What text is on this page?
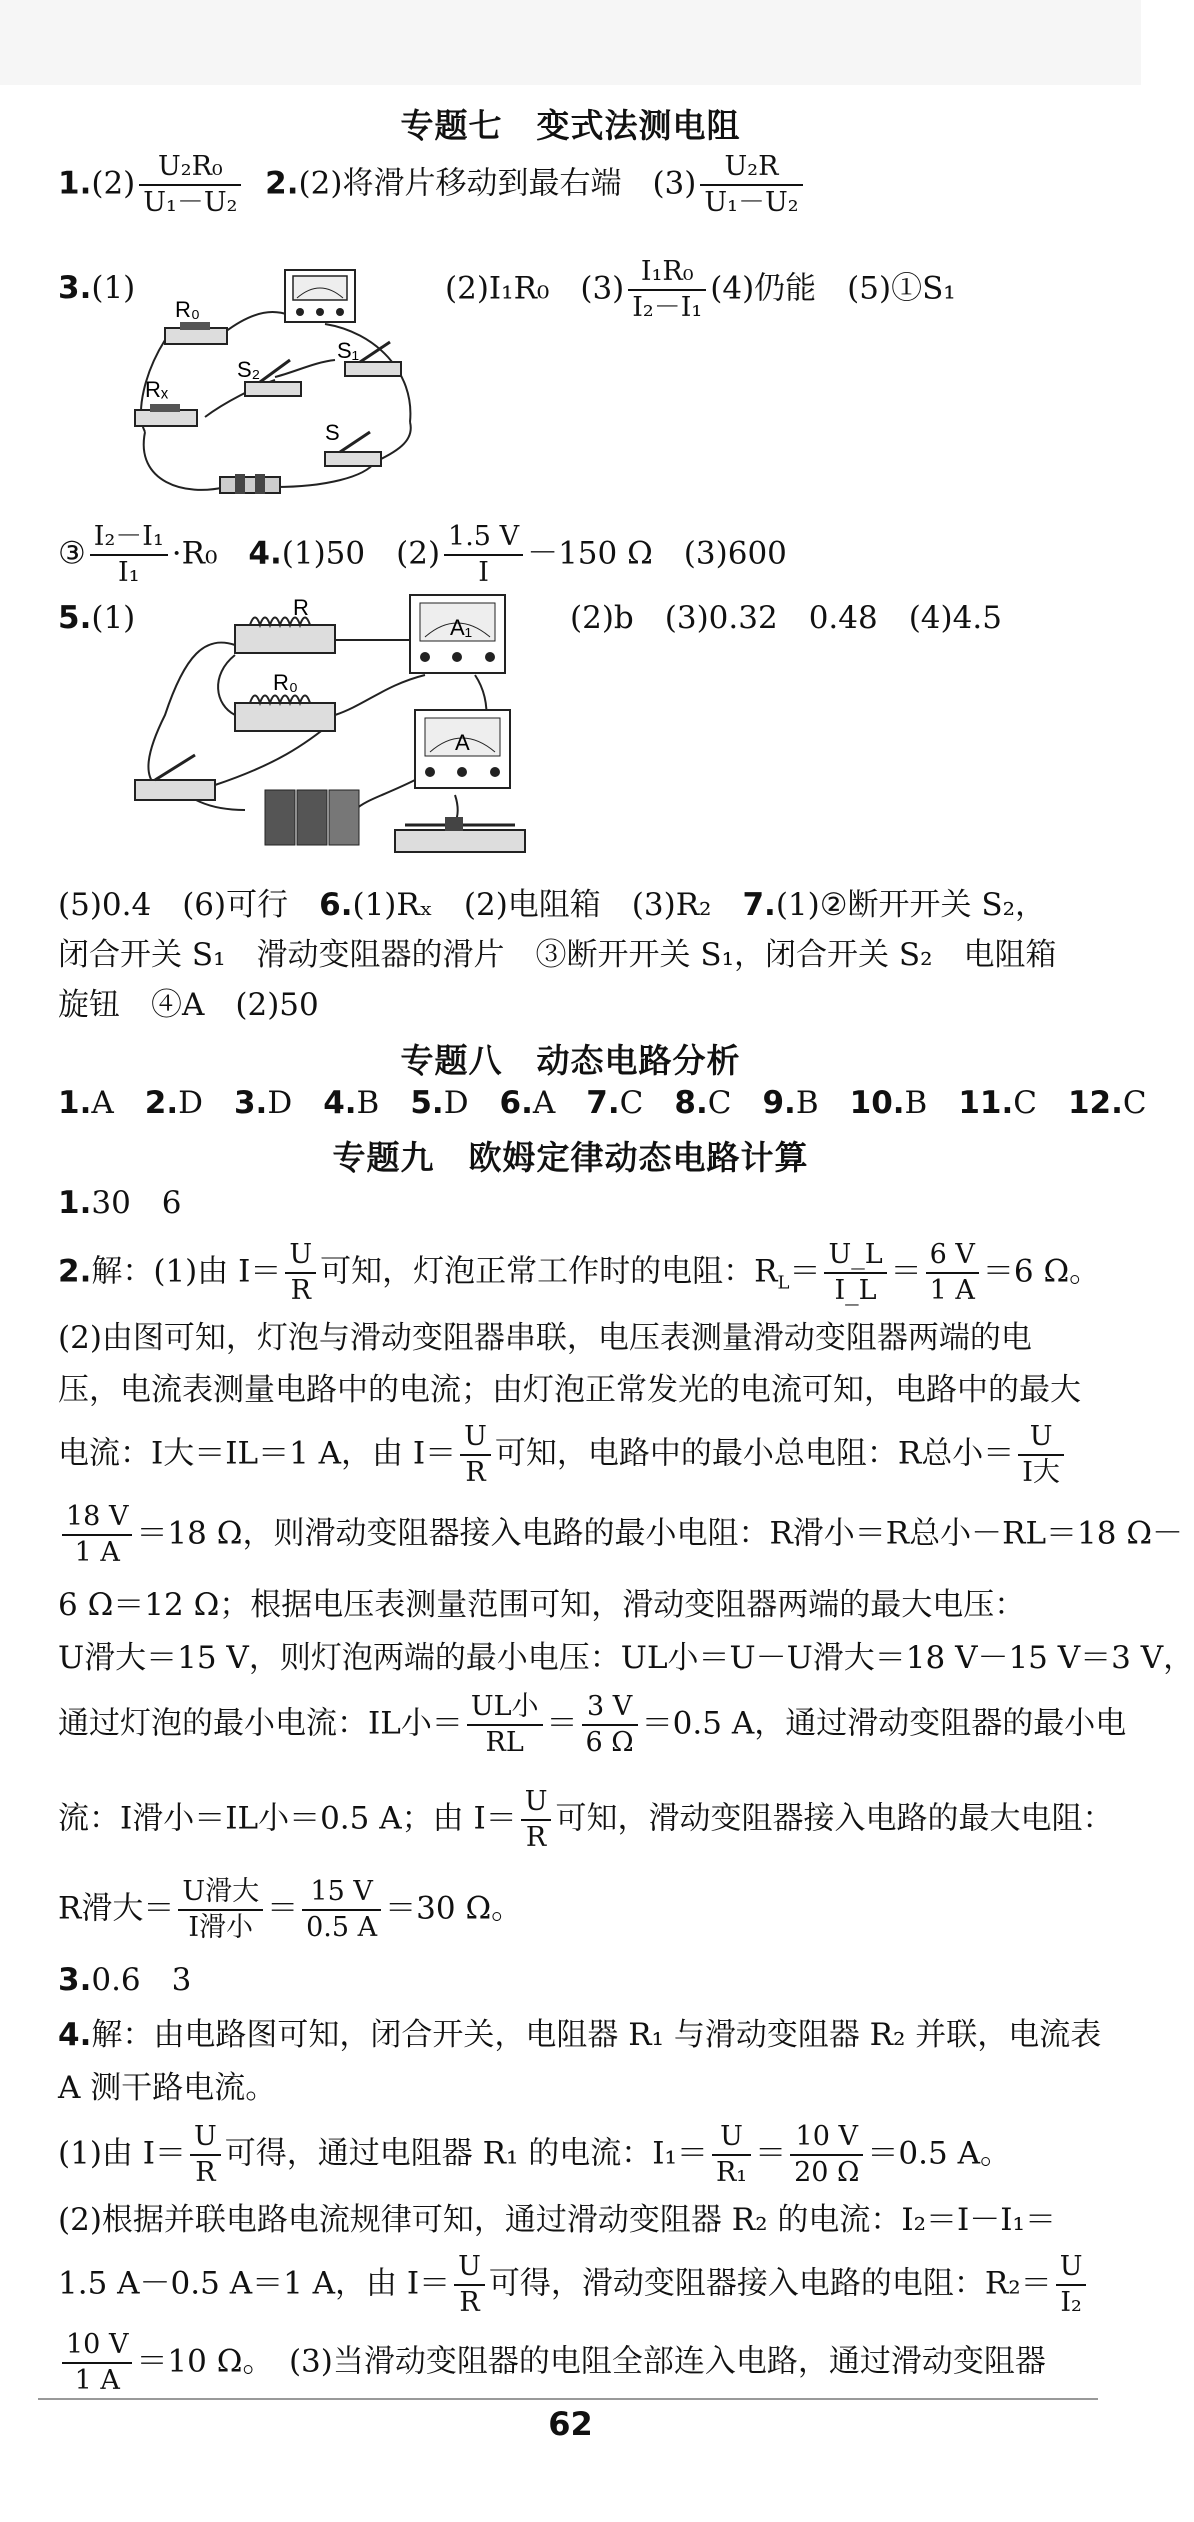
专题七　变式法测电阻
$1.(2) \frac{\text{U₂R₀}}{\text{U₁－U₂}} 2.(2)$将滑片移动到最右端　$(3) \frac{\text{U₂R}}{\text{U₁－U₂}}$
3.(1)	(2)I₁R₀　$(3) \frac{\text{I₁R₀}}{\text{I₂－I₁}} (4)$仍能　(5)①S₁
R₀
Rₓ
S₂
S₁
S
③ $\frac{\text{I₂－I₁}}{\text{I₁}} \cdot R_0$　4.(1)50　$(2) \frac{1.5 V}{I} -150$ Ω　(3)600
5.(1)	(2)b　(3)0.32　0.48　(4)4.5
R
R₀
A₁
A
(5)0.4　(6)可行　6.(1)Rₓ　(2)电阻箱　(3)R₂　7.(1)②断开开关 S₂，
闭合开关 S₁　滑动变阻器的滑片　③断开开关 S₁，闭合开关 S₂　电阻箱
旋钮　④A　(2)50
专题八　动态电路分析
1.A　 2.D　 3.D　 4.B　 5.D　 6.A　 7.C　 8.C　 9.B　 10.B　 11.C　 12.C
专题九　欧姆定律动态电路计算
1.30　6
2.解：(1)由 $I= \frac{U}{R}$ 可知，灯泡正常工作时的电阻：$R_L= \frac{U\_L}{I\_L} = \frac{6 V}{1 A} =6$ Ω。
(2)由图可知，灯泡与滑动变阻器串联，电压表测量滑动变阻器两端的电
压，电流表测量电路中的电流；由灯泡正常发光的电流可知，电路中的最大
电流：I大＝IL＝1 A，由 $I= \frac{U}{R}$ 可知，电路中的最小总电阻：R总小＝ $\frac{U}{\text{I大}}$
$\frac{18 V}{1 A} =18$ Ω，则滑动变阻器接入电路的最小电阻：R滑小＝R总小－RL＝18 Ω－
6 Ω＝12 Ω；根据电压表测量范围可知，滑动变阻器两端的最大电压：
U滑大＝15 V，则灯泡两端的最小电压：UL小＝U－U滑大＝18 V－15 V＝3 V，
通过灯泡的最小电流：IL小＝ $\frac{\text{UL小}}{RL} = \frac{3 V}{6 \Omega} =0.5$ A，通过滑动变阻器的最小电
流：I滑小＝IL小＝0.5 A；由 $I= \frac{U}{R}$ 可知，滑动变阻器接入电路的最大电阻：
R滑大＝ $\frac{\text{U滑大}}{\text{I滑小}} = \frac{15 V}{0.5 A} =30$ Ω。
3.0.6　3
4.解：由电路图可知，闭合开关，电阻器 R₁ 与滑动变阻器 R₂ 并联，电流表
A 测干路电流。
(1)由 $I= \frac{U}{R}$ 可得，通过电阻器 R₁ 的电流：$I_1= \frac{U}{\text{R₁}} = \frac{10 V}{20 \Omega} =0.5$ A。
(2)根据并联电路电流规律可知，通过滑动变阻器 R₂ 的电流：I₂＝I－I₁＝
1.5 A－0.5 A＝1 A，由 $I= \frac{U}{R}$ 可得，滑动变阻器接入电路的电阻：$R_2= \frac{U}{\text{I₂}}$
$\frac{10 V}{1 A} =10$ Ω。　(3)当滑动变阻器的电阻全部连入电路，通过滑动变阻器
62
